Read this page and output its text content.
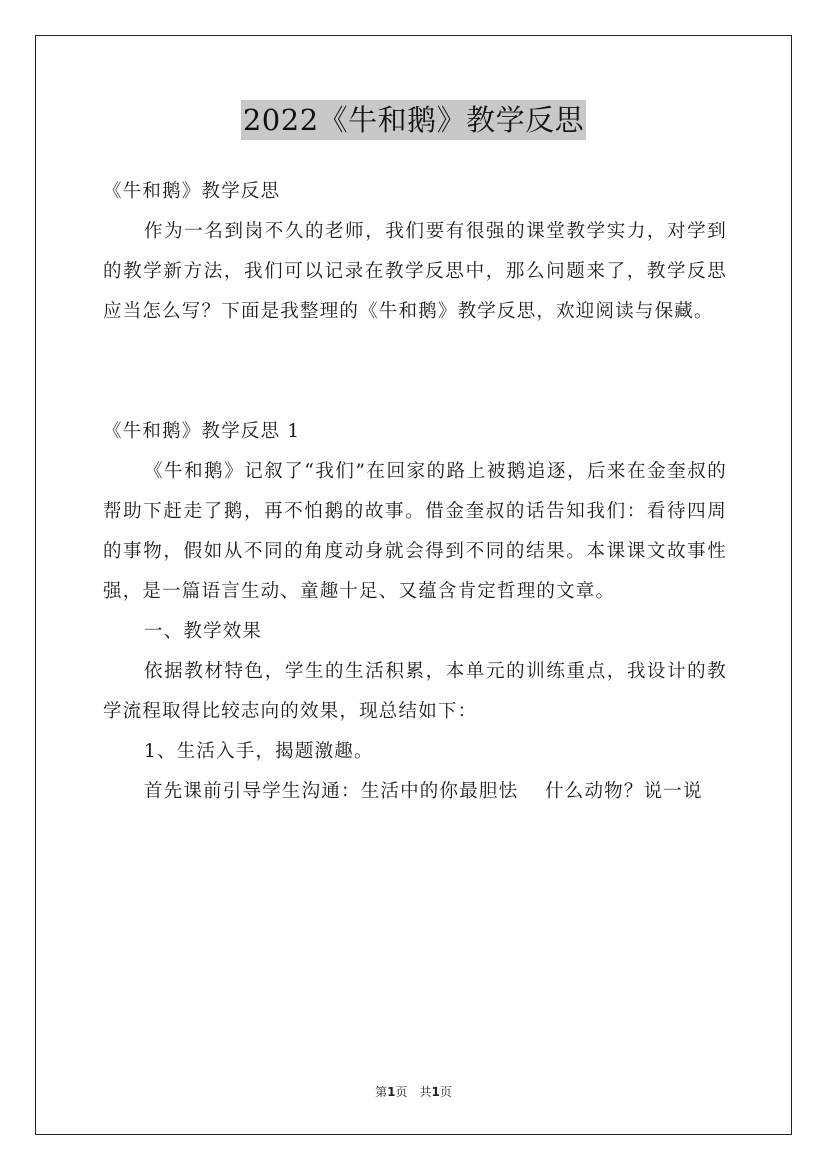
2022《牛和鹅》教学反思

《牛和鹅》教学反思

作为一名到岗不久的老师，我们要有很强的课堂教学实力，对学到的教学新方法，我们可以记录在教学反思中，那么问题来了，教学反思应当怎么写？下面是我整理的《牛和鹅》教学反思，欢迎阅读与保藏。

《牛和鹅》教学反思 1

《牛和鹅》记叙了“我们”在回家的路上被鹅追逐，后来在金奎叔的帮助下赶走了鹅，再不怕鹅的故事。借金奎叔的话告知我们：看待四周的事物，假如从不同的角度动身就会得到不同的结果。本课课文故事性强，是一篇语言生动、童趣十足、又蕴含肯定哲理的文章。

一、教学效果

依据教材特色，学生的生活积累，本单元的训练重点，我设计的教学流程取得比较志向的效果，现总结如下：

1、生活入手，揭题激趣。

首先课前引导学生沟通：生活中的你最胆怯　 什么动物？说一说

第1页　共1页
